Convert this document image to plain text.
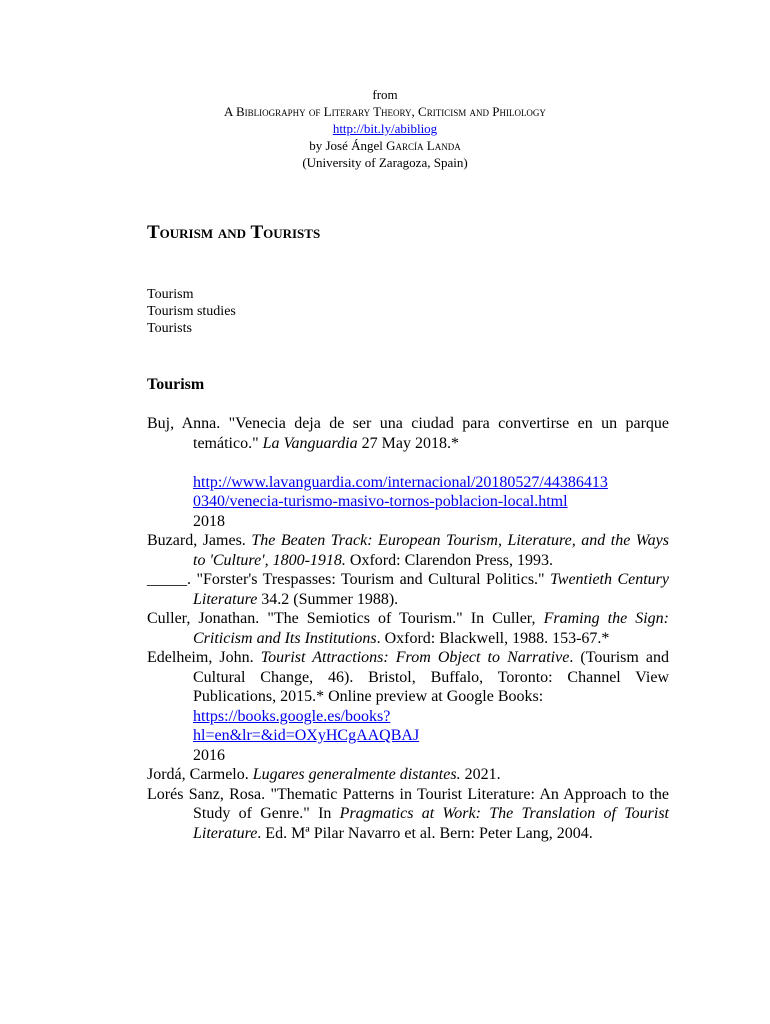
from
A Bibliography of Literary Theory, Criticism and Philology
http://bit.ly/abibliog
by José Ángel García Landa
(University of Zaragoza, Spain)
Tourism and Tourists
Tourism
Tourism studies
Tourists
Tourism

Buj, Anna. "Venecia deja de ser una ciudad para convertirse en un parque temático." La Vanguardia 27 May 2018.*

http://www.lavanguardia.com/internacional/20180527/44386413
0340/venecia-turismo-masivo-tornos-poblacion-local.html
2018

Buzard, James. The Beaten Track: European Tourism, Literature, and the Ways to 'Culture', 1800-1918. Oxford: Clarendon Press, 1993.

_____. "Forster's Trespasses: Tourism and Cultural Politics." Twentieth Century Literature 34.2 (Summer 1988).

Culler, Jonathan. "The Semiotics of Tourism." In Culler, Framing the Sign: Criticism and Its Institutions. Oxford: Blackwell, 1988. 153-67.*

Edelheim, John. Tourist Attractions: From Object to Narrative. (Tourism and Cultural Change, 46). Bristol, Buffalo, Toronto: Channel View Publications, 2015.* Online preview at Google Books:

https://books.google.es/books?
hl=en&lr=&id=OXyHCgAAQBAJ
2016

Jordá, Carmelo. Lugares generalmente distantes. 2021.

Lorés Sanz, Rosa. "Thematic Patterns in Tourist Literature: An Approach to the Study of Genre." In Pragmatics at Work: The Translation of Tourist Literature. Ed. Mª Pilar Navarro et al. Bern: Peter Lang, 2004.
